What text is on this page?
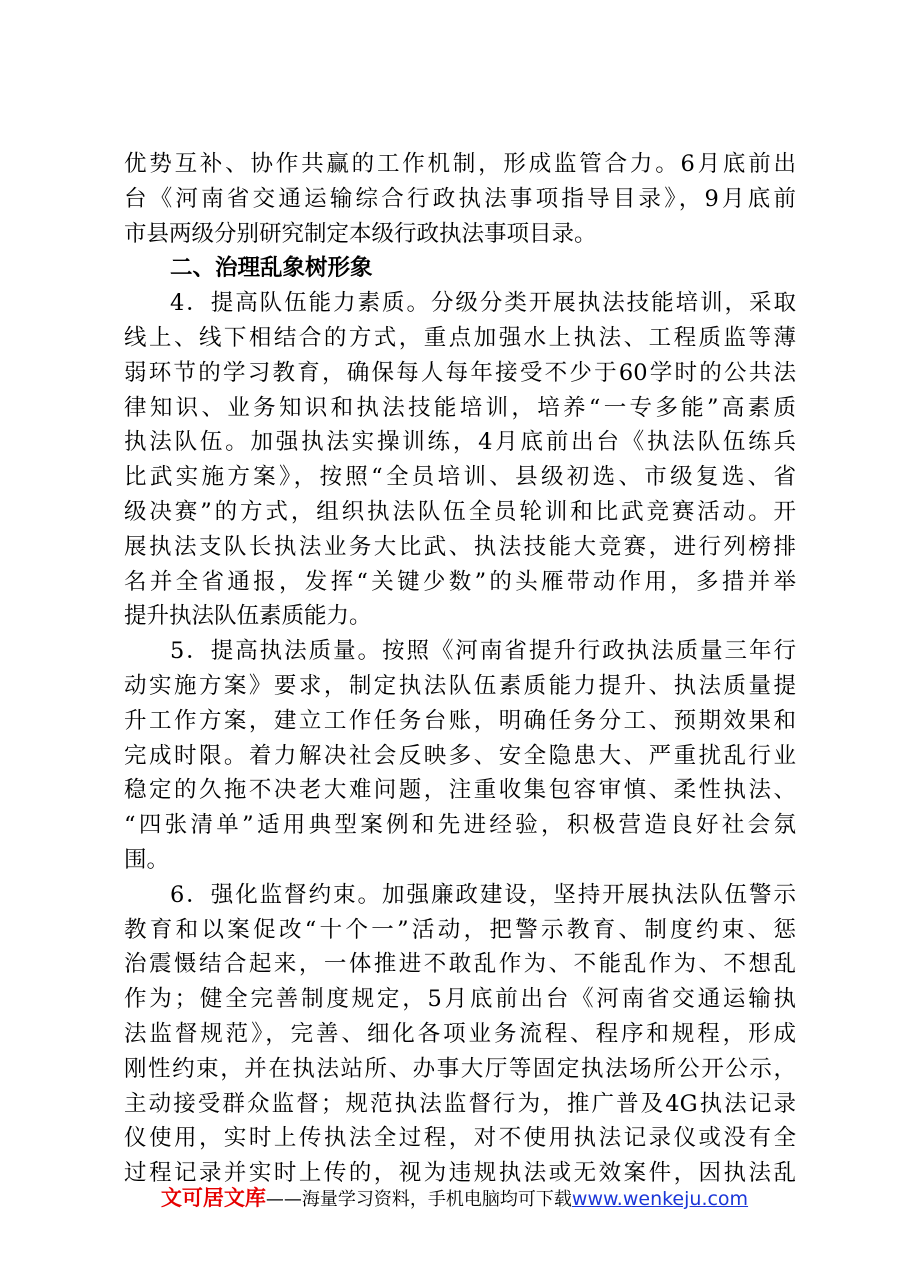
优势互补、协作共赢的工作机制，形成监管合力。6月底前出
台《河南省交通运输综合行政执法事项指导目录》，9月底前
市县两级分别研究制定本级行政执法事项目录。
二、治理乱象树形象
4．提高队伍能力素质。分级分类开展执法技能培训，采取
线上、线下相结合的方式，重点加强水上执法、工程质监等薄
弱环节的学习教育，确保每人每年接受不少于60学时的公共法
律知识、业务知识和执法技能培训，培养“一专多能”高素质
执法队伍。加强执法实操训练，4月底前出台《执法队伍练兵
比武实施方案》，按照“全员培训、县级初选、市级复选、省
级决赛”的方式，组织执法队伍全员轮训和比武竞赛活动。开
展执法支队长执法业务大比武、执法技能大竞赛，进行列榜排
名并全省通报，发挥“关键少数”的头雁带动作用，多措并举
提升执法队伍素质能力。
5．提高执法质量。按照《河南省提升行政执法质量三年行
动实施方案》要求，制定执法队伍素质能力提升、执法质量提
升工作方案，建立工作任务台账，明确任务分工、预期效果和
完成时限。着力解决社会反映多、安全隐患大、严重扰乱行业
稳定的久拖不决老大难问题，注重收集包容审慎、柔性执法、
“四张清单”适用典型案例和先进经验，积极营造良好社会氛
围。
6．强化监督约束。加强廉政建设，坚持开展执法队伍警示
教育和以案促改“十个一”活动，把警示教育、制度约束、惩
治震慑结合起来，一体推进不敢乱作为、不能乱作为、不想乱
作为；健全完善制度规定，5月底前出台《河南省交通运输执
法监督规范》，完善、细化各项业务流程、程序和规程，形成
刚性约束，并在执法站所、办事大厅等固定执法场所公开公示，
主动接受群众监督；规范执法监督行为，推广普及4G执法记录
仪使用，实时上传执法全过程，对不使用执法记录仪或没有全
过程记录并实时上传的，视为违规执法或无效案件，因执法乱
文可居文库——海量学习资料，手机电脑均可下载www.wenkeju.com
